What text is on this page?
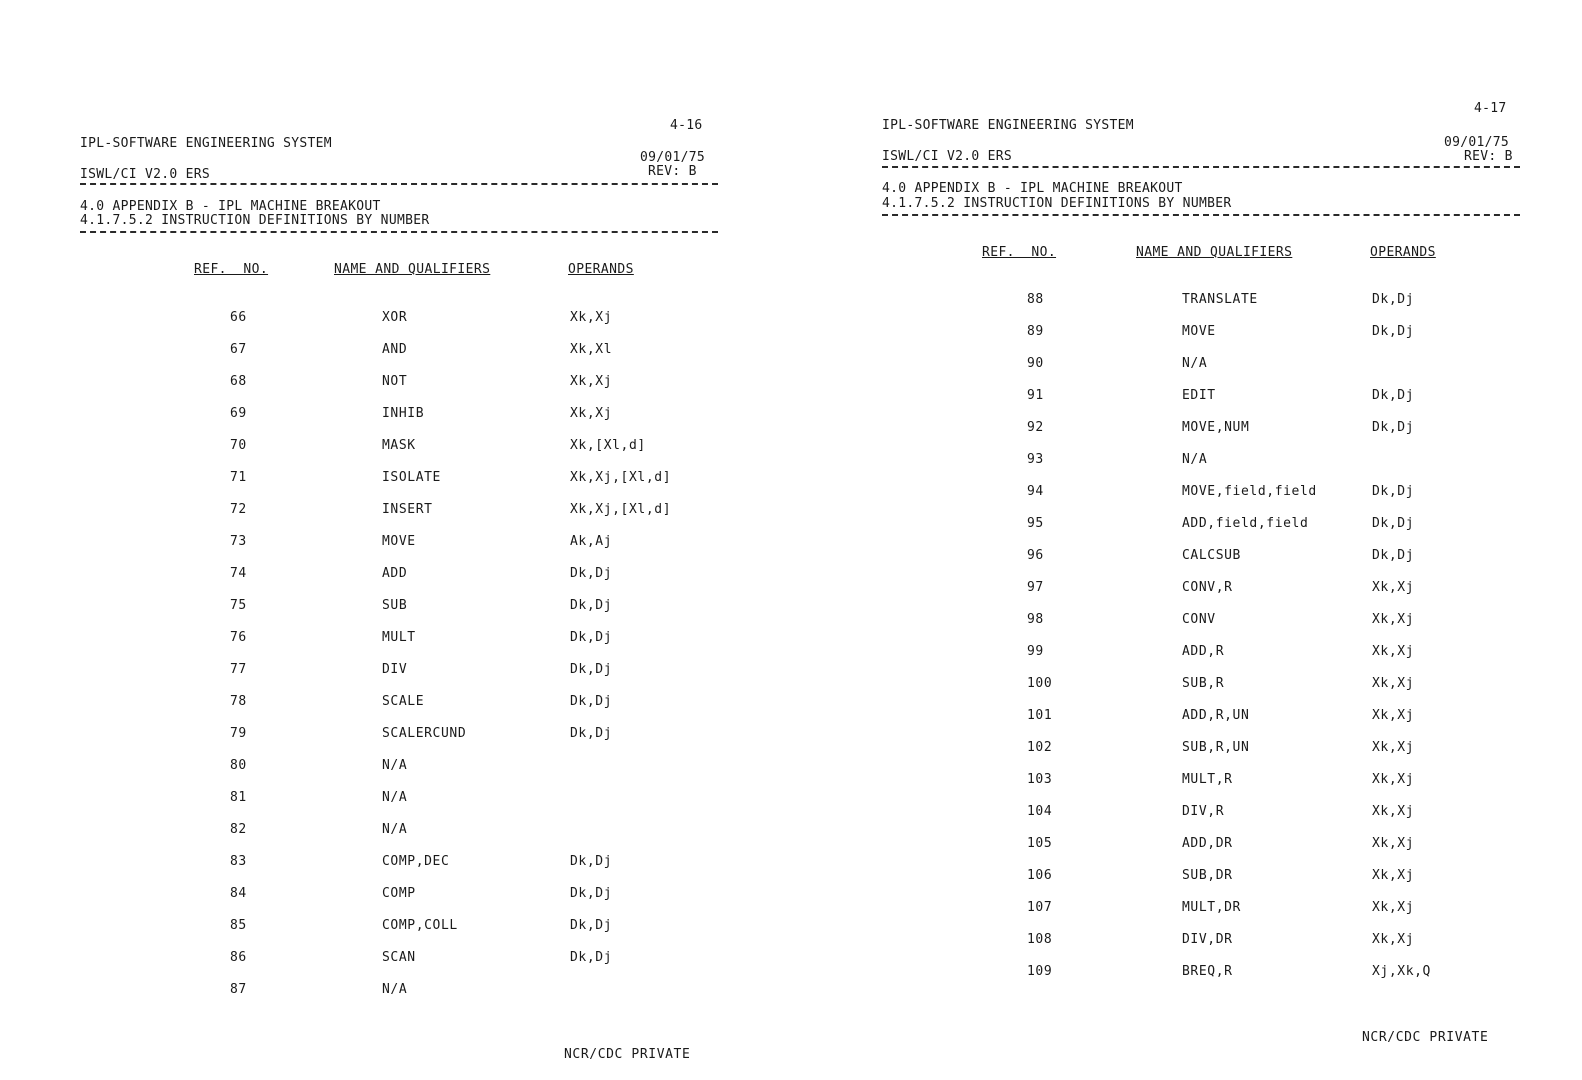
4-16
IPL-SOFTWARE ENGINEERING SYSTEM
09/01/75
ISWL/CI V2.0 ERS	REV: B
4.0 APPENDIX B - IPL MACHINE BREAKOUT
4.1.7.5.2 INSTRUCTION DEFINITIONS BY NUMBER
REF.  NO.	NAME AND QUALIFIERS	OPERANDS
66	XOR	Xk,Xj
67	AND	Xk,Xl
68	NOT	Xk,Xj
69	INHIB	Xk,Xj
70	MASK	Xk,[Xl,d]
71	ISOLATE	Xk,Xj,[Xl,d]
72	INSERT	Xk,Xj,[Xl,d]
73	MOVE	Ak,Aj
74	ADD	Dk,Dj
75	SUB	Dk,Dj
76	MULT	Dk,Dj
77	DIV	Dk,Dj
78	SCALE	Dk,Dj
79	SCALERCUND	Dk,Dj
80	N/A
81	N/A
82	N/A
83	COMP,DEC	Dk,Dj
84	COMP	Dk,Dj
85	COMP,COLL	Dk,Dj
86	SCAN	Dk,Dj
87	N/A
NCR/CDC PRIVATE
4-17
IPL-SOFTWARE ENGINEERING SYSTEM
09/01/75
ISWL/CI V2.0 ERS	REV: B
4.0 APPENDIX B - IPL MACHINE BREAKOUT
4.1.7.5.2 INSTRUCTION DEFINITIONS BY NUMBER
REF.  NO.	NAME AND QUALIFIERS	OPERANDS
88	TRANSLATE	Dk,Dj
89	MOVE	Dk,Dj
90	N/A
91	EDIT	Dk,Dj
92	MOVE,NUM	Dk,Dj
93	N/A
94	MOVE,field,field	Dk,Dj
95	ADD,field,field	Dk,Dj
96	CALCSUB	Dk,Dj
97	CONV,R	Xk,Xj
98	CONV	Xk,Xj
99	ADD,R	Xk,Xj
100	SUB,R	Xk,Xj
101	ADD,R,UN	Xk,Xj
102	SUB,R,UN	Xk,Xj
103	MULT,R	Xk,Xj
104	DIV,R	Xk,Xj
105	ADD,DR	Xk,Xj
106	SUB,DR	Xk,Xj
107	MULT,DR	Xk,Xj
108	DIV,DR	Xk,Xj
109	BREQ,R	Xj,Xk,Q
NCR/CDC PRIVATE
